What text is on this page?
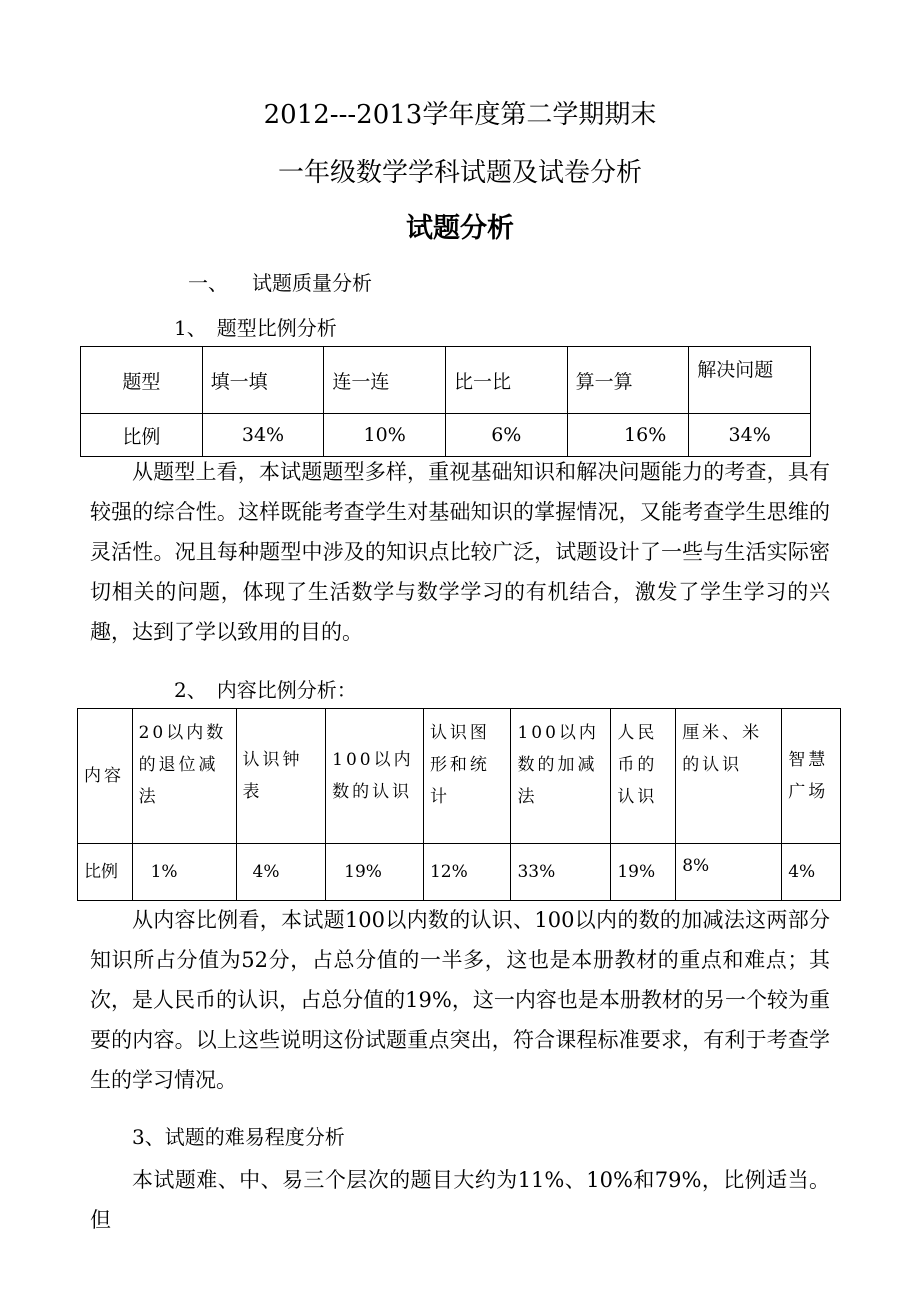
2012---2013学年度第二学期期末
一年级数学学科试题及试卷分析
试题分析
一、 试题质量分析
1、　题型比例分析
题型	填一填	连一连	比一比	算一算	解决问题
比例	34%	10%	6%	16%	34%

从题型上看，本试题题型多样，重视基础知识和解决问题能力的考查，具有较强的综合性。这样既能考查学生对基础知识的掌握情况，又能考查学生思维的灵活性。况且每种题型中涉及的知识点比较广泛，试题设计了一些与生活实际密切相关的问题，体现了生活数学与数学学习的有机结合，激发了学生学习的兴趣，达到了学以致用的目的。

2、　内容比例分析：
内容	20以内数的退位减法	认识钟表	100以内数的认识	认识图形和统计	100以内数的加减法	人民币的认识	厘米、米的认识	智慧广场
比例	1%	4%	19%	12%	33%	19%	8%	4%

从内容比例看，本试题100以内数的认识、100以内的数的加减法这两部分知识所占分值为52分，占总分值的一半多，这也是本册教材的重点和难点；其次，是人民币的认识，占总分值的19%，这一内容也是本册教材的另一个较为重要的内容。以上这些说明这份试题重点突出，符合课程标准要求，有利于考查学生的学习情况。

3、试题的难易程度分析

本试题难、中、易三个层次的题目大约为11%、10%和79%，比例适当。但
